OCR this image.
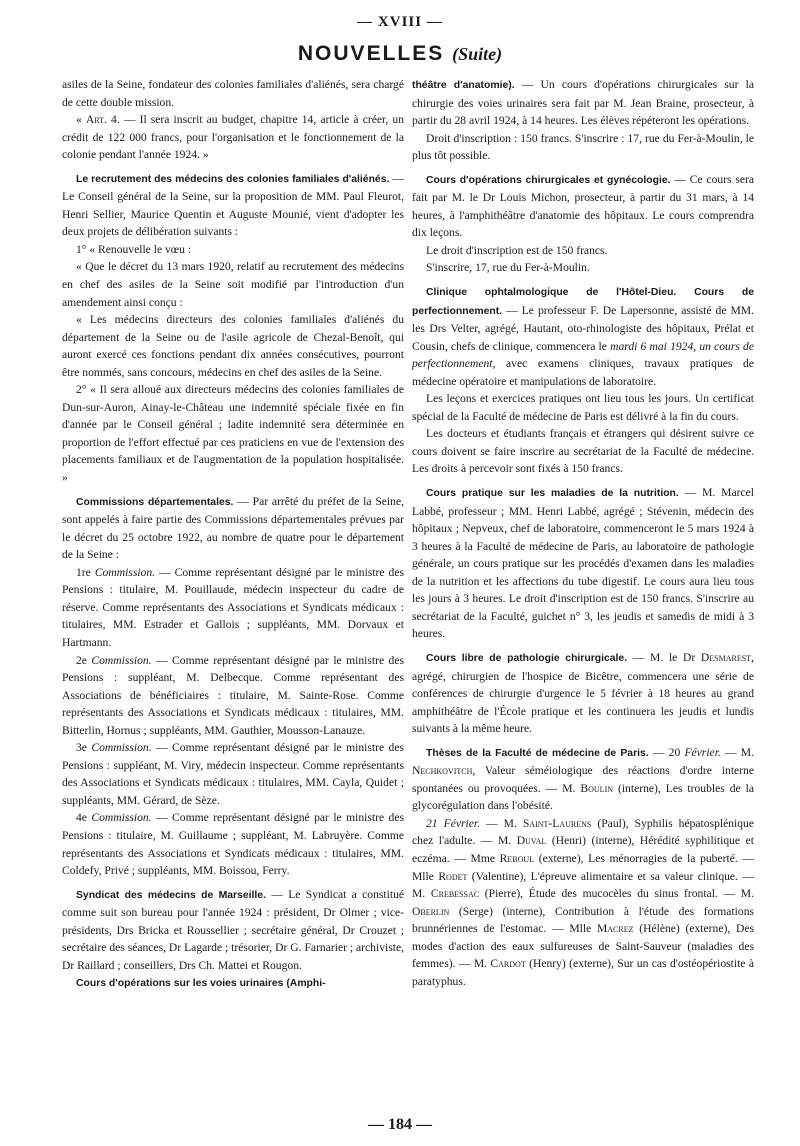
— XVIII —
NOUVELLES (Suite)

asiles de la Seine, fondateur des colonies familiales d'aliénés, sera chargé de cette double mission.

« Art. 4. — Il sera inscrit au budget, chapitre 14, article à créer, un crédit de 122 000 francs, pour l'organisation et le fonctionnement de la colonie pendant l'année 1924. »

Le recrutement des médecins des colonies familiales d'aliénés. — Le Conseil général de la Seine, sur la proposition de MM. Paul Fleurot, Henri Sellier, Maurice Quentin et Auguste Mounié, vient d'adopter les deux projets de délibération suivants :

1° « Renouvelle le vœu :

« Que le décret du 13 mars 1920, relatif au recrutement des médecins en chef des asiles de la Seine soit modifié par l'introduction d'un amendement ainsi conçu :

« Les médecins directeurs des colonies familiales d'aliénés du département de la Seine ou de l'asile agricole de Chezal-Benoît, qui auront exercé ces fonctions pendant dix années consécutives, pourront être nommés, sans concours, médecins en chef des asiles de la Seine.

2° « Il sera alloué aux directeurs médecins des colonies familiales de Dun-sur-Auron, Ainay-le-Château une indemnité spéciale fixée en fin d'année par le Conseil général ; ladite indemnité sera déterminée en proportion de l'effort effectué par ces praticiens en vue de l'extension des placements familiaux et de l'augmentation de la population hospitalisée. »

Commissions départementales. — Par arrêté du préfet de la Seine, sont appelés à faire partie des Commissions départementales prévues par le décret du 25 octobre 1922, au nombre de quatre pour le département de la Seine :

1re Commission. — Comme représentant désigné par le ministre des Pensions : titulaire, M. Pouillaude, médecin inspecteur du cadre de réserve. Comme représentants des Associations et Syndicats médicaux : titulaires, MM. Estrader et Gallois ; suppléants, MM. Dorvaux et Hartmann.

2e Commission. — Comme représentant désigné par le ministre des Pensions : suppléant, M. Delbecque. Comme représentant des Associations de bénéficiaires : titulaire, M. Sainte-Rose. Comme représentants des Associations et Syndicats médicaux : titulaires, MM. Bitterlin, Hornus ; suppléants, MM. Gauthier, Mousson-Lanauze.

3e Commission. — Comme représentant désigné par le ministre des Pensions : suppléant, M. Viry, médecin inspecteur. Comme représentants des Associations et Syndicats médicaux : titulaires, MM. Cayla, Quidet ; suppléants, MM. Gérard, de Sèze.

4e Commission. — Comme représentant désigné par le ministre des Pensions : titulaire, M. Guillaume ; suppléant, M. Labruyère. Comme représentants des Associations et Syndicats médicaux : titulaires, MM. Coldefy, Privé ; suppléants, MM. Boissou, Ferry.

Syndicat des médecins de Marseille. — Le Syndicat a constitué comme suit son bureau pour l'année 1924 : président, Dr Olmer ; vice-présidents, Drs Bricka et Roussellier ; secrétaire général, Dr Crouzet ; secrétaire des séances, Dr Lagarde ; trésorier, Dr G. Farnarier ; archiviste, Dr Raillard ; conseillers, Drs Ch. Mattei et Rougon.

Cours d'opérations sur les voies urinaires (Amphi-

théâtre d'anatomie). — Un cours d'opérations chirurgicales sur la chirurgie des voies urinaires sera fait par M. Jean Braine, prosecteur, à partir du 28 avril 1924, à 14 heures. Les élèves répéteront les opérations.

Droit d'inscription : 150 francs. S'inscrire : 17, rue du Fer-à-Moulin, le plus tôt possible.

Cours d'opérations chirurgicales et gynécologie. — Ce cours sera fait par M. le Dr Louis Michon, prosecteur, à partir du 31 mars, à 14 heures, à l'amphithéâtre d'anatomie des hôpitaux. Le cours comprendra dix leçons.

Le droit d'inscription est de 150 francs.

S'inscrire, 17, rue du Fer-à-Moulin.

Clinique ophtalmologique de l'Hôtel-Dieu. Cours de perfectionnement. — Le professeur F. De Lapersonne, assisté de MM. les Drs Velter, agrégé, Hautant, oto-rhinologiste des hôpitaux, Prélat et Cousin, chefs de clinique, commencera le mardi 6 mai 1924, un cours de perfectionnement, avec examens cliniques, travaux pratiques de médecine opératoire et manipulations de laboratoire.

Les leçons et exercices pratiques ont lieu tous les jours. Un certificat spécial de la Faculté de médecine de Paris est délivré à la fin du cours.

Les docteurs et étudiants français et étrangers qui désirent suivre ce cours doivent se faire inscrire au secrétariat de la Faculté de médecine. Les droits à percevoir sont fixés à 150 francs.

Cours pratique sur les maladies de la nutrition. — M. Marcel Labbé, professeur ; MM. Henri Labbé, agrégé ; Stévenin, médecin des hôpitaux ; Nepveux, chef de laboratoire, commenceront le 5 mars 1924 à 3 heures à la Faculté de médecine de Paris, au laboratoire de pathologie générale, un cours pratique sur les procédés d'examen dans les maladies de la nutrition et les affections du tube digestif. Le cours aura lieu tous les jours à 3 heures. Le droit d'inscription est de 150 francs. S'inscrire au secrétariat de la Faculté, guichet n° 3, les jeudis et samedis de midi à 3 heures.

Cours libre de pathologie chirurgicale. — M. le Dr Desmarest, agrégé, chirurgien de l'hospice de Bicêtre, commencera une série de conférences de chirurgie d'urgence le 5 février à 18 heures au grand amphithéâtre de l'École pratique et les continuera les jeudis et lundis suivants à la même heure.

Thèses de la Faculté de médecine de Paris. — 20 Février. — M. Nechkovitch, Valeur séméiologique des réactions d'ordre interne spontanées ou provoquées. — M. Boulin (interne), Les troubles de la glycorégulation dans l'obésité.

21 Février. — M. Saint-Laurens (Paul), Syphilis hépatosplénique chez l'adulte. — M. Duval (Henri) (interne), Hérédité syphilitique et eczéma. — Mme Reboul (externe), Les ménorragies de la puberté. — Mlle Rodet (Valentine), L'épreuve alimentaire et sa valeur clinique. — M. Crebessac (Pierre), Étude des mucocèles du sinus frontal. — M. Oberlin (Serge) (interne), Contribution à l'étude des formations brunnériennes de l'estomac. — Mlle Macrez (Hélène) (externe), Des modes d'action des eaux sulfureuses de Saint-Sauveur (maladies des femmes). — M. Cardot (Henry) (externe), Sur un cas d'ostéopériostite à paratyphus.

— 184 —
